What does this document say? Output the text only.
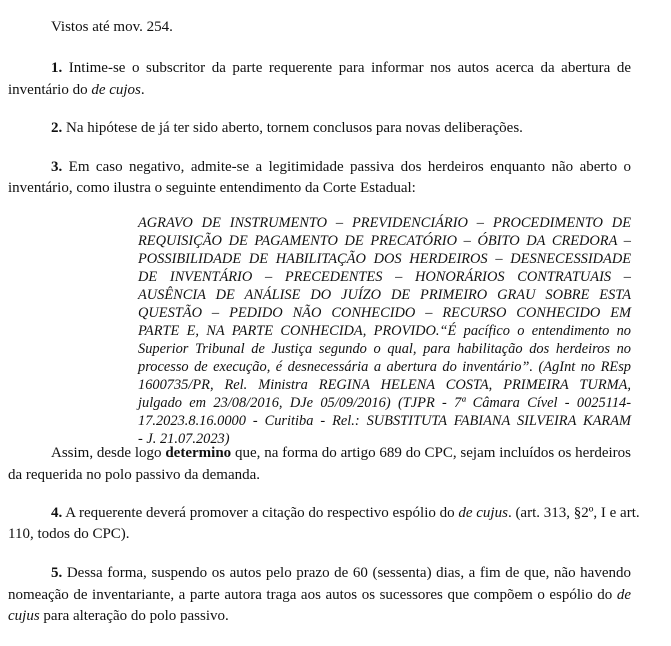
Vistos até mov. 254.
1. Intime-se o subscritor da parte requerente para informar nos autos acerca da abertura de
inventário do de cujos.
2. Na hipótese de já ter sido aberto, tornem conclusos para novas deliberações.
3. Em caso negativo, admite-se a legitimidade passiva dos herdeiros enquanto não aberto o
inventário, como ilustra o seguinte entendimento da Corte Estadual:
AGRAVO DE INSTRUMENTO – PREVIDENCIÁRIO – PROCEDIMENTO DE
REQUISIÇÃO DE PAGAMENTO DE PRECATÓRIO – ÓBITO DA CREDORA –
POSSIBILIDADE DE HABILITAÇÃO DOS HERDEIROS – DESNECESSIDADE
DE INVENTÁRIO – PRECEDENTES – HONORÁRIOS CONTRATUAIS –
AUSÊNCIA DE ANÁLISE DO JUÍZO DE PRIMEIRO GRAU SOBRE ESTA
QUESTÃO – PEDIDO NÃO CONHECIDO – RECURSO CONHECIDO EM
PARTE E, NA PARTE CONHECIDA, PROVIDO.“É pacífico o entendimento no
Superior Tribunal de Justiça segundo o qual, para habilitação dos herdeiros no
processo de execução, é desnecessária a abertura do inventário”. (AgInt no REsp
1600735/PR, Rel. Ministra REGINA HELENA COSTA, PRIMEIRA TURMA,
julgado em 23/08/2016, DJe 05/09/2016) (TJPR - 7ª Câmara Cível - 0025114-
17.2023.8.16.0000 - Curitiba - Rel.: SUBSTITUTA FABIANA SILVEIRA KARAM
- J. 21.07.2023)
Assim, desde logo determino que, na forma do artigo 689 do CPC, sejam incluídos os herdeiros
da requerida no polo passivo da demanda.
4. A requerente deverá promover a citação do respectivo espólio do de cujus. (art. 313, §2º, I e art.
110, todos do CPC).
5. Dessa forma, suspendo os autos pelo prazo de 60 (sessenta) dias, a fim de que, não havendo
nomeação de inventariante, a parte autora traga aos autos os sucessores que compõem o espólio do de
cujus para alteração do polo passivo.
